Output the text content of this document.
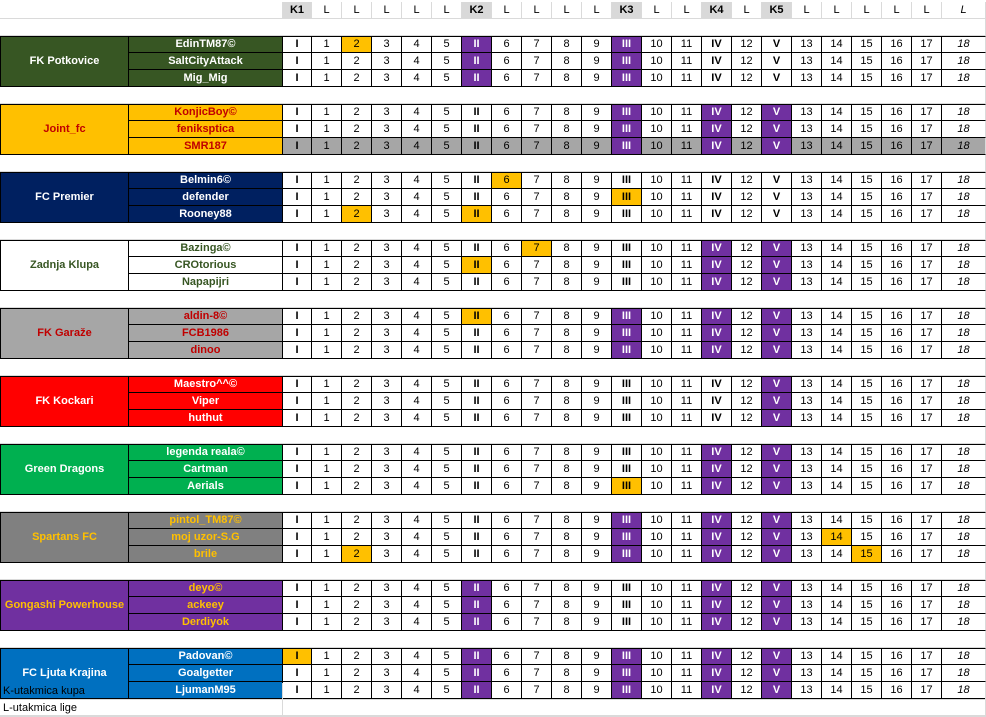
K1 L L L L L K2 L L L L K3 L L K4 L K5 L L L L L	L
FK Potkovice
EdinTM87©	I 1 2 3 4 5 II 6 7 8 9 III 10 11 IV 12 V 13 14 15 16 17 18
SaltCityAttack	I 1 2 3 4 5 II 6 7 8 9 III 10 11 IV 12 V 13 14 15 16 17 18
Mig_Mig	I 1 2 3 4 5 II 6 7 8 9 III 10 11 IV 12 V 13 14 15 16 17 18
Joint_fc
KonjicBoy©	I 1 2 3 4 5 II 6 7 8 9 III 10 11 IV 12 V 13 14 15 16 17 18
feniksptica	I 1 2 3 4 5 II 6 7 8 9 III 10 11 IV 12 V 13 14 15 16 17 18
SMR187	I 1 2 3 4 5 II 6 7 8 9 III 10 11 IV 12 V 13 14 15 16 17 18
FC Premier
Belmin6©	I 1 2 3 4 5 II 6 7 8 9 III 10 11 IV 12 V 13 14 15 16 17 18
defender	I 1 2 3 4 5 II 6 7 8 9 III 10 11 IV 12 V 13 14 15 16 17 18
Rooney88	I 1 2 3 4 5 II 6 7 8 9 III 10 11 IV 12 V 13 14 15 16 17 18
Zadnja Klupa
Bazinga©	I 1 2 3 4 5 II 6 7 8 9 III 10 11 IV 12 V 13 14 15 16 17 18
CROtorious	I 1 2 3 4 5 II 6 7 8 9 III 10 11 IV 12 V 13 14 15 16 17 18
Napapijri	I 1 2 3 4 5 II 6 7 8 9 III 10 11 IV 12 V 13 14 15 16 17 18
FK Garaže
aldin-8©	I 1 2 3 4 5 II 6 7 8 9 III 10 11 IV 12 V 13 14 15 16 17 18
FCB1986	I 1 2 3 4 5 II 6 7 8 9 III 10 11 IV 12 V 13 14 15 16 17 18
dinoo	I 1 2 3 4 5 II 6 7 8 9 III 10 11 IV 12 V 13 14 15 16 17 18
FK Kockari
Maestro^^©	I 1 2 3 4 5 II 6 7 8 9 III 10 11 IV 12 V 13 14 15 16 17 18
Viper	I 1 2 3 4 5 II 6 7 8 9 III 10 11 IV 12 V 13 14 15 16 17 18
huthut	I 1 2 3 4 5 II 6 7 8 9 III 10 11 IV 12 V 13 14 15 16 17 18
Green Dragons
legenda reala©	I 1 2 3 4 5 II 6 7 8 9 III 10 11 IV 12 V 13 14 15 16 17 18
Cartman	I 1 2 3 4 5 II 6 7 8 9 III 10 11 IV 12 V 13 14 15 16 17 18
Aerials	I 1 2 3 4 5 II 6 7 8 9 III 10 11 IV 12 V 13 14 15 16 17 18
Spartans FC
pintol_TM87©	I 1 2 3 4 5 II 6 7 8 9 III 10 11 IV 12 V 13 14 15 16 17 18
moj uzor-S.G	I 1 2 3 4 5 II 6 7 8 9 III 10 11 IV 12 V 13 14 15 16 17 18
brile	I 1 2 3 4 5 II 6 7 8 9 III 10 11 IV 12 V 13 14 15 16 17 18
Gongashi Powerhouse
deyo©	I 1 2 3 4 5 II 6 7 8 9 III 10 11 IV 12 V 13 14 15 16 17 18
ackeey	I 1 2 3 4 5 II 6 7 8 9 III 10 11 IV 12 V 13 14 15 16 17 18
Derdiyok	I 1 2 3 4 5 II 6 7 8 9 III 10 11 IV 12 V 13 14 15 16 17 18
FC Ljuta Krajina
Padovan©	I 1 2 3 4 5 II 6 7 8 9 III 10 11 IV 12 V 13 14 15 16 17 18
Goalgetter	I 1 2 3 4 5 II 6 7 8 9 III 10 11 IV 12 V 13 14 15 16 17 18
LjumanM95	I 1 2 3 4 5 II 6 7 8 9 III 10 11 IV 12 V 13 14 15 16 17 18
K-utakmica kupa
L-utakmica lige
